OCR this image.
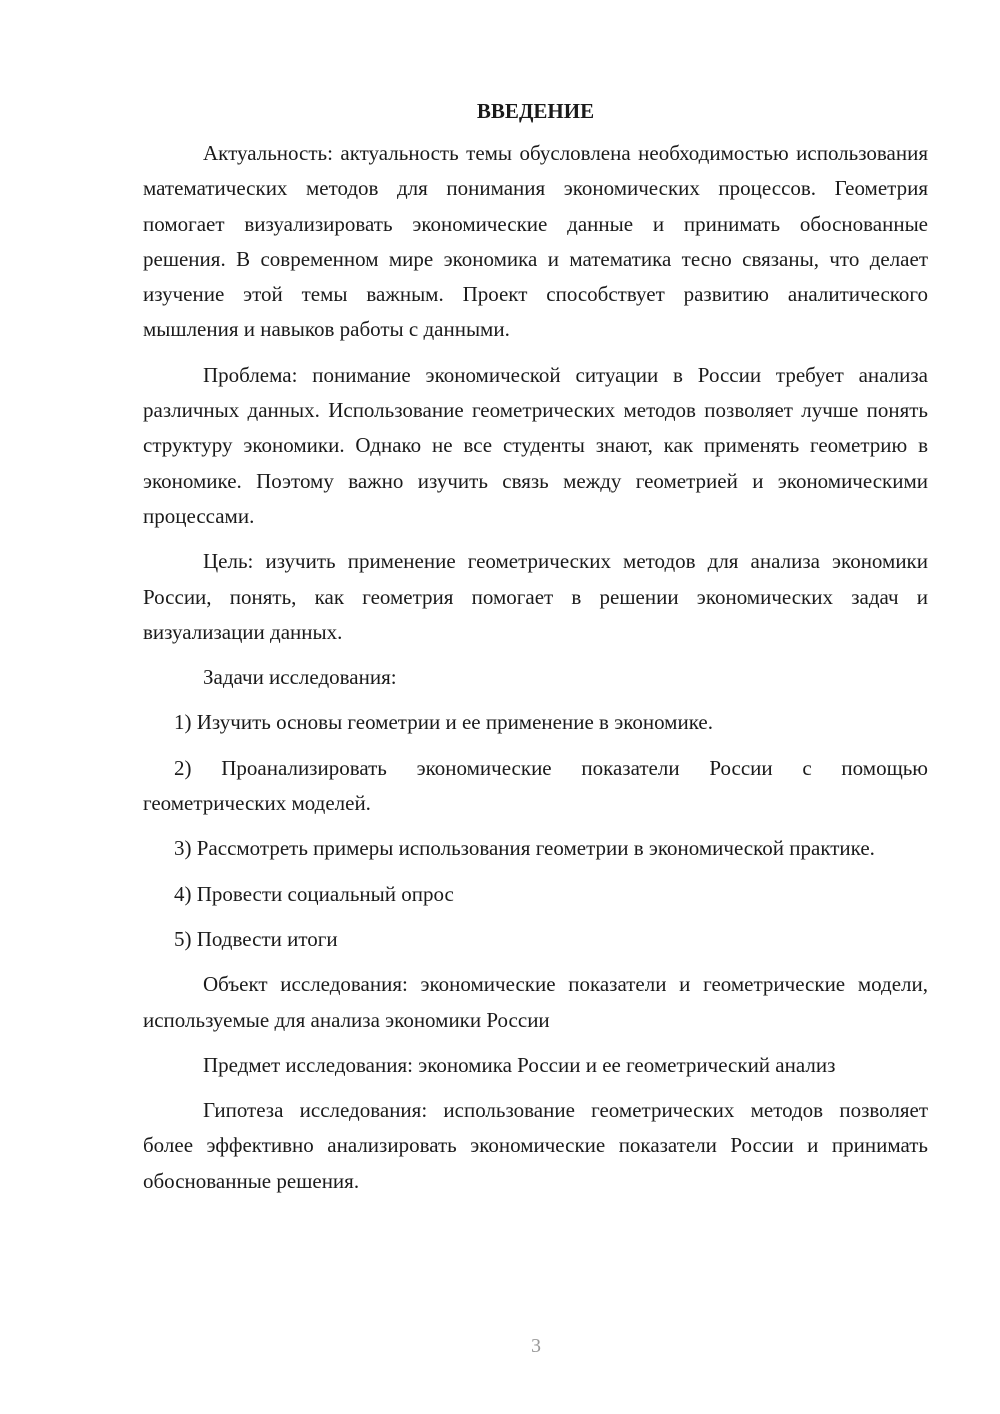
ВВЕДЕНИЕ

Актуальность: актуальность темы обусловлена необходимостью использования математических методов для понимания экономических процессов. Геометрия помогает визуализировать экономические данные и принимать обоснованные решения. В современном мире экономика и математика тесно связаны, что делает изучение этой темы важным. Проект способствует развитию аналитического мышления и навыков работы с данными.

Проблема: понимание экономической ситуации в России требует анализа различных данных. Использование геометрических методов позволяет лучше понять структуру экономики. Однако не все студенты знают, как применять геометрию в экономике. Поэтому важно изучить связь между геометрией и экономическими процессами.

Цель: изучить применение геометрических методов для анализа экономики России, понять, как геометрия помогает в решении экономических задач и визуализации данных.

Задачи исследования:

1) Изучить основы геометрии и ее применение в экономике.

2) Проанализировать экономические показатели России с помощью геометрических моделей.

3) Рассмотреть примеры использования геометрии в экономической практике.

4) Провести социальный опрос

5) Подвести итоги

Объект исследования: экономические показатели и геометрические модели, используемые для анализа экономики России

Предмет исследования: экономика России и ее геометрический анализ

Гипотеза исследования: использование геометрических методов позволяет более эффективно анализировать экономические показатели России и принимать обоснованные решения.

3
